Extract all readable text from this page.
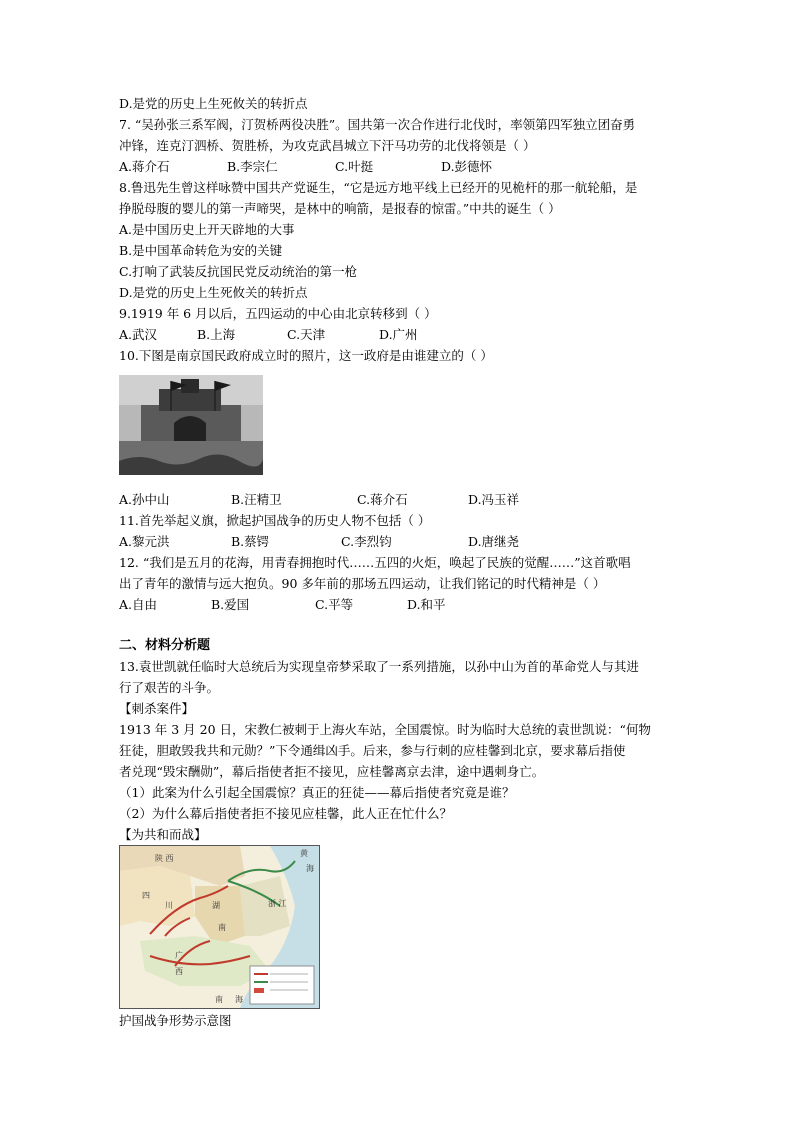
D.是党的历史上生死攸关的转折点
7. “吴孙张三系军阀，汀贺桥两役决胜”。国共第一次合作进行北伐时，率领第四军独立团奋勇
冲锋，连克汀泗桥、贺胜桥，为攻克武昌城立下汗马功劳的北伐将领是（ ）
A.蒋介石	B.李宗仁	C.叶挺	D.彭德怀
8.鲁迅先生曾这样咏赞中国共产党诞生，“它是远方地平线上已经开的见桅杆的那一航轮船，是
挣脱母腹的婴儿的第一声啼哭，是林中的响箭，是报春的惊雷。”中共的诞生（ ）
A.是中国历史上开天辟地的大事
B.是中国革命转危为安的关键
C.打响了武装反抗国民党反动统治的第一枪
D.是党的历史上生死攸关的转折点
9.1919 年 6 月以后，五四运动的中心由北京转移到（ ）
A.武汉	B.上海	C.天津	D.广州
10.下图是南京国民政府成立时的照片，这一政府是由谁建立的（ ）
A.孙中山	B.汪精卫	C.蒋介石	D.冯玉祥
11.首先举起义旗，掀起护国战争的历史人物不包括（ ）
A.黎元洪	B.蔡锷	C.李烈钧	D.唐继尧
12. “我们是五月的花海，用青春拥抱时代……五四的火炬，唤起了民族的觉醒……”这首歌唱
出了青年的激情与远大抱负。90 多年前的那场五四运动，让我们铭记的时代精神是（ ）
A.自由	B.爱国	C.平等	D.和平
二、材料分析题
13.袁世凯就任临时大总统后为实现皇帝梦采取了一系列措施，以孙中山为首的革命党人与其进
行了艰苦的斗争。
【刺杀案件】
1913 年 3 月 20 日，宋教仁被刺于上海火车站，全国震惊。时为临时大总统的袁世凯说：“何物
狂徒，胆敢毁我共和元勋？”下令通缉凶手。后来，参与行刺的应桂馨到北京，要求幕后指使
者兑现“毁宋酬勋”，幕后指使者拒不接见，应桂馨离京去津，途中遇刺身亡。
（1）此案为什么引起全国震惊？真正的狂徒——幕后指使者究竟是谁？
（2）为什么幕后指使者拒不接见应桂馨，此人正在忙什么？
【为共和而战】
陕 西
四
川	湖
南
广
西
浙 江
海
黄
南 海
护国战争形势示意图
